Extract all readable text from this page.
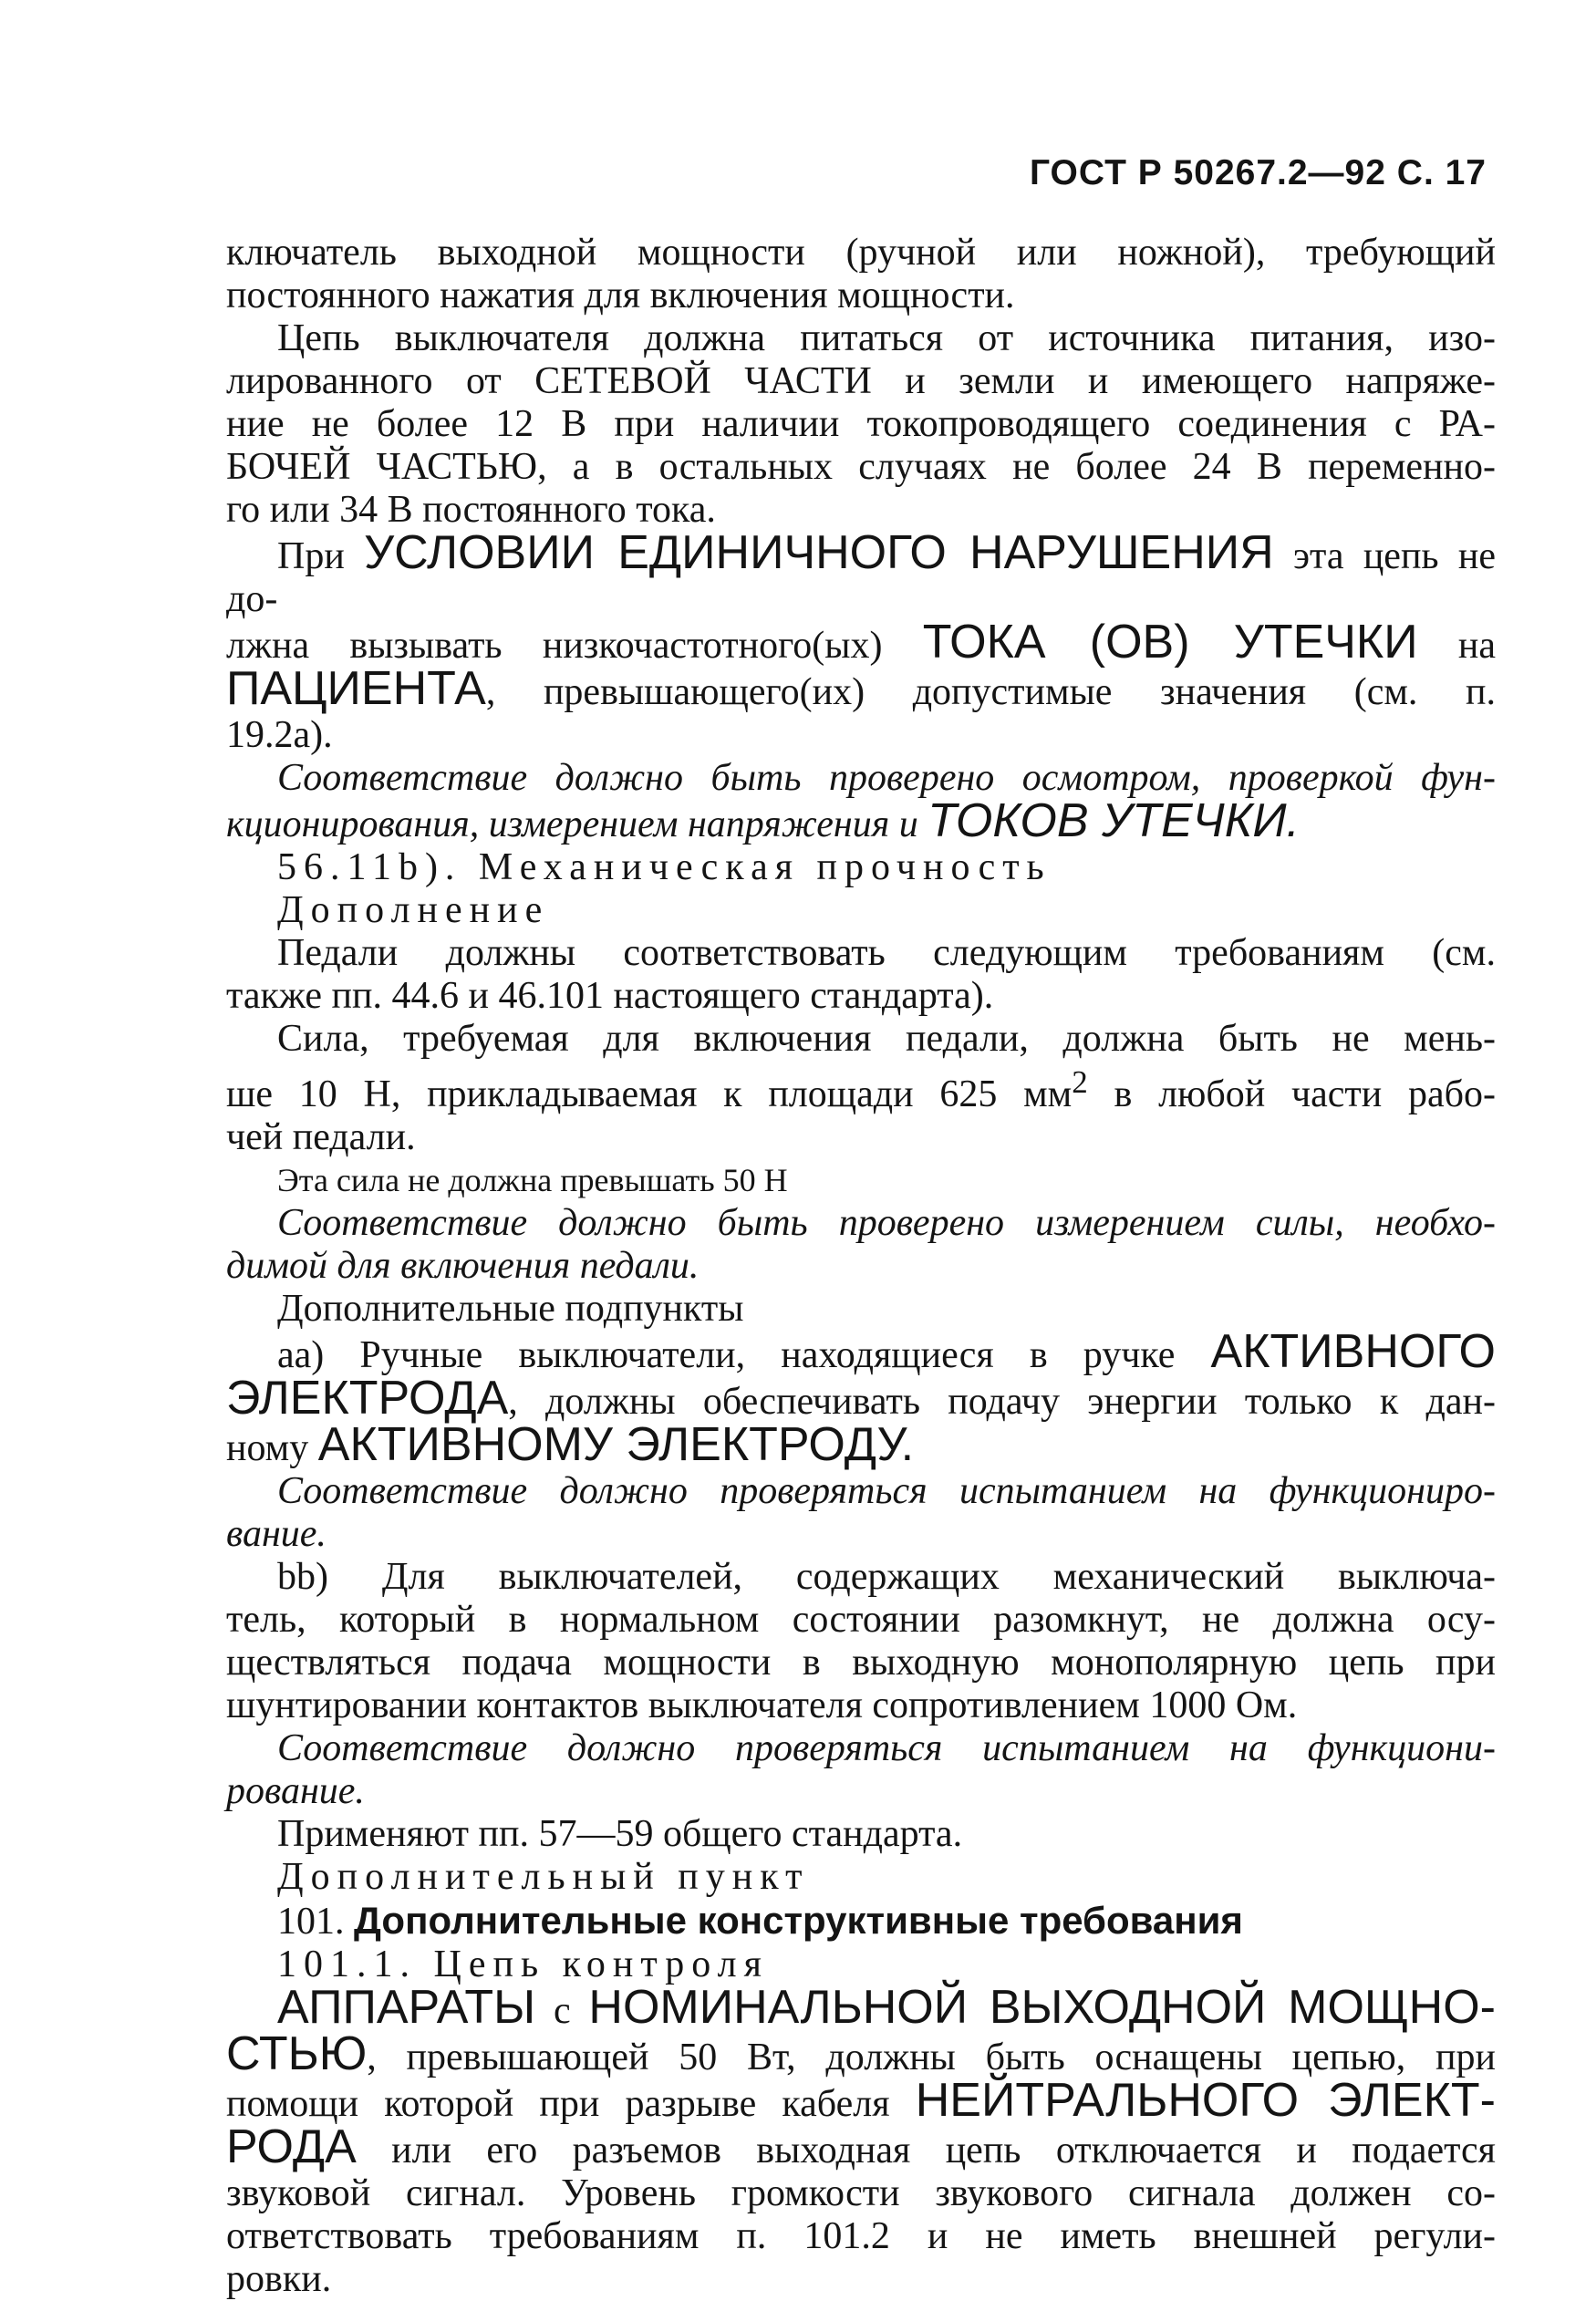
ГОСТ Р 50267.2—92 С. 17

ключатель выходной мощности (ручной или ножной), требующий

постоянного нажатия для включения мощности.

Цепь выключателя должна питаться от источника питания, изо-

лированного от СЕТЕВОЙ ЧАСТИ и земли и имеющего напряже-

ние не более 12 В при наличии токопроводящего соединения с РА-

БОЧЕЙ ЧАСТЬЮ, а в остальных случаях не более 24 В переменно-

го или 34 В постоянного тока.

При УСЛОВИИ ЕДИНИЧНОГО НАРУШЕНИЯ эта цепь не до-

лжна вызывать низкочастотного(ых) ТОКА (ОВ) УТЕЧКИ на

ПАЦИЕНТА, превышающего(их) допустимые значения (см. п.

19.2а).

Соответствие должно быть проверено осмотром, проверкой фун-

кционирования, измерением напряжения и ТОКОВ УТЕЧКИ.

56.11b). Механическая прочность

Дополнение

Педали должны соответствовать следующим требованиям (см.

также пп. 44.6 и 46.101 настоящего стандарта).

Сила, требуемая для включения педали, должна быть не мень-

ше 10 Н, прикладываемая к площади 625 $мм^2$ в любой части рабо-

чей педали.

Эта сила не должна превышать 50 Н

Соответствие должно быть проверено измерением силы, необхо-

димой для включения педали.

Дополнительные подпункты

аа) Ручные выключатели, находящиеся в ручке АКТИВНОГО

ЭЛЕКТРОДА, должны обеспечивать подачу энергии только к дан-

ному АКТИВНОМУ ЭЛЕКТРОДУ.

Соответствие должно проверяться испытанием на функциониро-

вание.

bb) Для выключателей, содержащих механический выключа-

тель, который в нормальном состоянии разомкнут, не должна осу-

ществляться подача мощности в выходную монополярную цепь при

шунтировании контактов выключателя сопротивлением 1000 Ом.

Соответствие должно проверяться испытанием на функциони-

рование.

Применяют пп. 57—59 общего стандарта.

Дополнительный пункт

101. Дополнительные конструктивные требования

101.1. Цепь контроля

АППАРАТЫ с НОМИНАЛЬНОЙ ВЫХОДНОЙ МОЩНО-

СТЬЮ, превышающей 50 Вт, должны быть оснащены цепью, при

помощи которой при разрыве кабеля НЕЙТРАЛЬНОГО ЭЛЕКТ-

РОДА или его разъемов выходная цепь отключается и подается

звуковой сигнал. Уровень громкости звукового сигнала должен со-

ответствовать требованиям п. 101.2 и не иметь внешней регули-

ровки.
